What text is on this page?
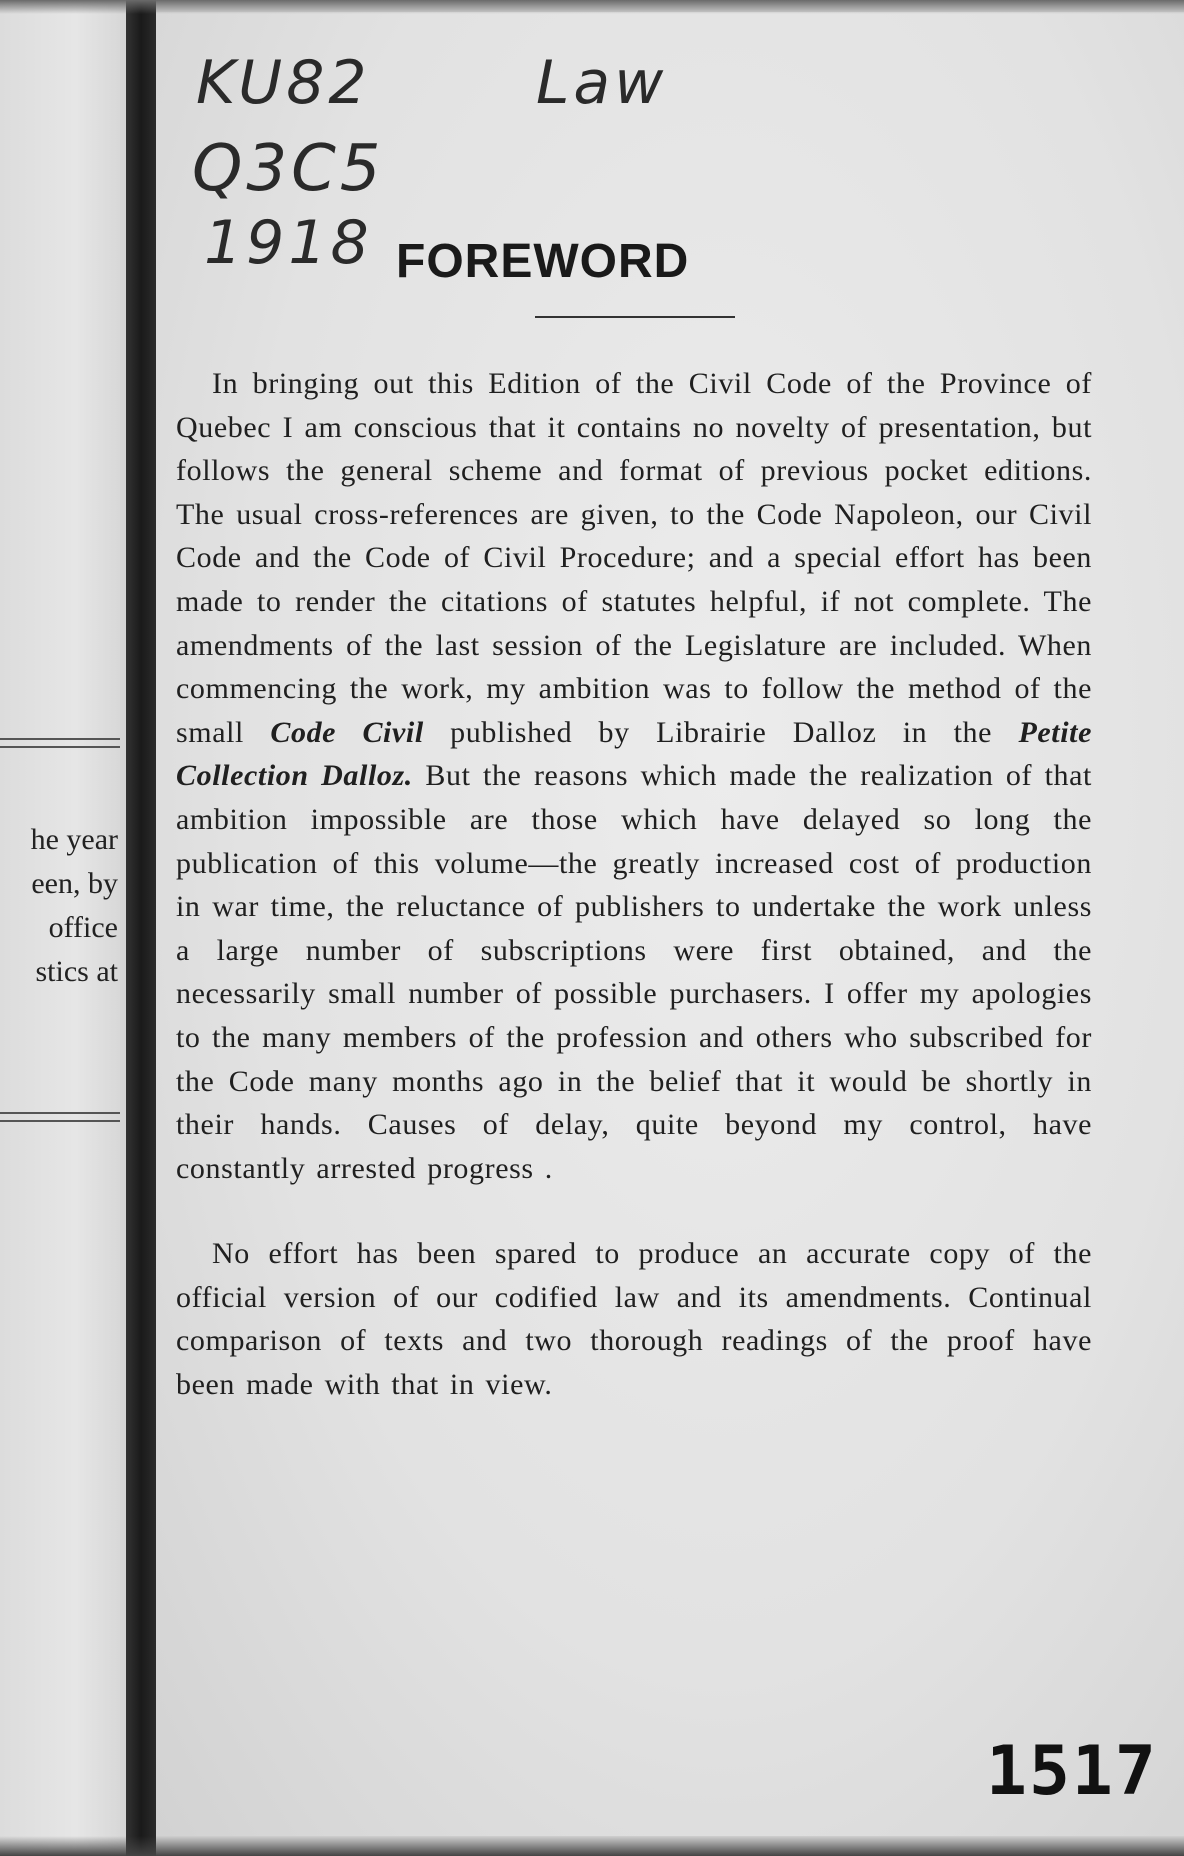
he year
een, by
office
stics at
KU82	Law
Q3C5
1918 FOREWORD

In bringing out this Edition of the Civil Code of the Province of Quebec I am conscious that it contains no novelty of presentation, but follows the general scheme and format of previous pocket editions. The usual cross-references are given, to the Code Napoleon, our Civil Code and the Code of Civil Procedure; and a special effort has been made to render the citations of statutes helpful, if not complete. The amendments of the last session of the Legislature are included. When commencing the work, my ambition was to follow the method of the small Code Civil published by Librairie Dalloz in the Petite Collection Dalloz. But the reasons which made the realization of that ambition impossible are those which have delayed so long the publication of this volume—the greatly increased cost of production in war time, the reluctance of publishers to undertake the work unless a large number of subscriptions were first obtained, and the necessarily small number of possible purchasers. I offer my apologies to the many members of the profession and others who subscribed for the Code many months ago in the belief that it would be shortly in their hands. Causes of delay, quite beyond my control, have constantly arrested progress .

No effort has been spared to produce an accurate copy of the official version of our codified law and its amendments. Continual comparison of texts and two thorough readings of the proof have been made with that in view.

1517
